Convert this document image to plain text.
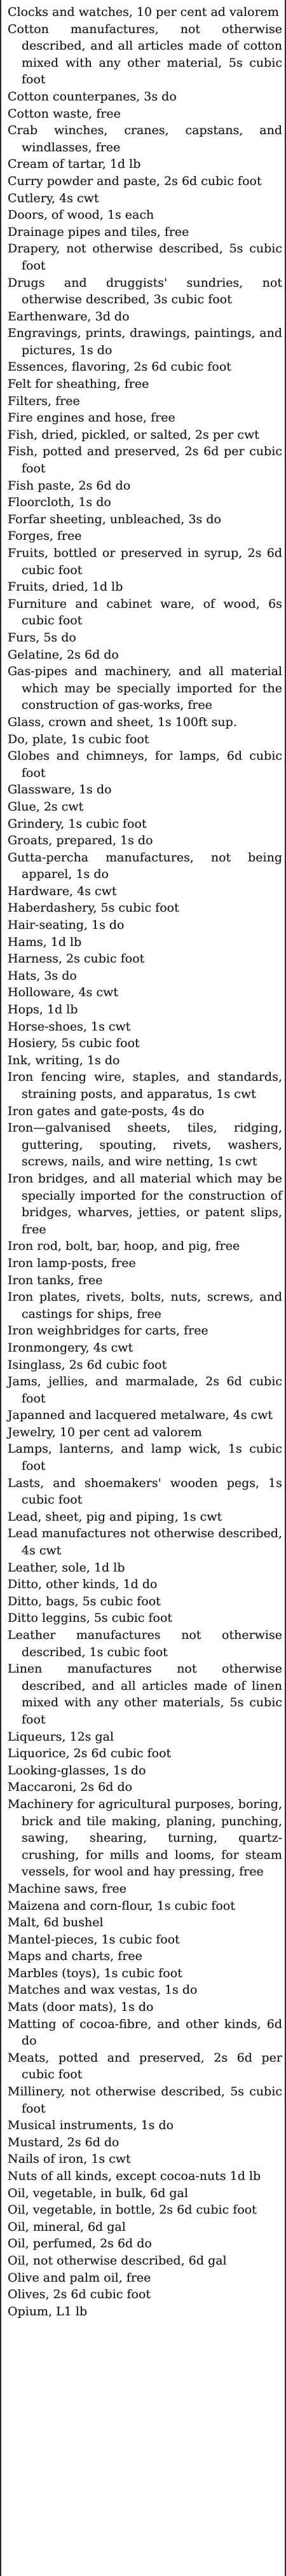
Clocks and watches, 10 per cent ad valorem

Cotton manufactures, not otherwise described, and all articles made of cotton mixed with any other material, 5s cubic foot

Cotton counterpanes, 3s do

Cotton waste, free

Crab winches, cranes, capstans, and windlasses, free

Cream of tartar, 1d lb

Curry powder and paste, 2s 6d cubic foot

Cutlery, 4s cwt

Doors, of wood, 1s each

Drainage pipes and tiles, free

Drapery, not otherwise described, 5s cubic foot

Drugs and druggists' sundries, not otherwise described, 3s cubic foot

Earthenware, 3d do

Engravings, prints, drawings, paintings, and pictures, 1s do

Essences, flavoring, 2s 6d cubic foot

Felt for sheathing, free

Filters, free

Fire engines and hose, free

Fish, dried, pickled, or salted, 2s per cwt

Fish, potted and preserved, 2s 6d per cubic foot

Fish paste, 2s 6d do

Floorcloth, 1s do

Forfar sheeting, unbleached, 3s do

Forges, free

Fruits, bottled or preserved in syrup, 2s 6d cubic foot

Fruits, dried, 1d lb

Furniture and cabinet ware, of wood, 6s cubic foot

Furs, 5s do

Gelatine, 2s 6d do

Gas-pipes and machinery, and all material which may be specially imported for the construction of gas-works, free

Glass, crown and sheet, 1s 100ft sup.

Do, plate, 1s cubic foot

Globes and chimneys, for lamps, 6d cubic foot

Glassware, 1s do

Glue, 2s cwt

Grindery, 1s cubic foot

Groats, prepared, 1s do

Gutta-percha manufactures, not being apparel, 1s do

Hardware, 4s cwt

Haberdashery, 5s cubic foot

Hair-seating, 1s do

Hams, 1d lb

Harness, 2s cubic foot

Hats, 3s do

Holloware, 4s cwt

Hops, 1d lb

Horse-shoes, 1s cwt

Hosiery, 5s cubic foot

Ink, writing, 1s do

Iron fencing wire, staples, and standards, straining posts, and apparatus, 1s cwt

Iron gates and gate-posts, 4s do

Iron—galvanised sheets, tiles, ridging, guttering, spouting, rivets, washers, screws, nails, and wire netting, 1s cwt

Iron bridges, and all material which may be specially imported for the construction of bridges, wharves, jetties, or patent slips, free

Iron rod, bolt, bar, hoop, and pig, free

Iron lamp-posts, free

Iron tanks, free

Iron plates, rivets, bolts, nuts, screws, and castings for ships, free

Iron weighbridges for carts, free

Ironmongery, 4s cwt

Isinglass, 2s 6d cubic foot

Jams, jellies, and marmalade, 2s 6d cubic foot

Japanned and lacquered metalware, 4s cwt

Jewelry, 10 per cent ad valorem

Lamps, lanterns, and lamp wick, 1s cubic foot

Lasts, and shoemakers' wooden pegs, 1s cubic foot

Lead, sheet, pig and piping, 1s cwt

Lead manufactures not otherwise described, 4s cwt

Leather, sole, 1d lb

Ditto, other kinds, 1d do

Ditto, bags, 5s cubic foot

Ditto leggins, 5s cubic foot

Leather manufactures not otherwise described, 1s cubic foot

Linen manufactures not otherwise described, and all articles made of linen mixed with any other materials, 5s cubic foot

Liqueurs, 12s gal

Liquorice, 2s 6d cubic foot

Looking-glasses, 1s do

Maccaroni, 2s 6d do

Machinery for agricultural purposes, boring, brick and tile making, planing, punching, sawing, shearing, turning, quartz-crushing, for mills and looms, for steam vessels, for wool and hay pressing, free

Machine saws, free

Maizena and corn-flour, 1s cubic foot

Malt, 6d bushel

Mantel-pieces, 1s cubic foot

Maps and charts, free

Marbles (toys), 1s cubic foot

Matches and wax vestas, 1s do

Mats (door mats), 1s do

Matting of cocoa-fibre, and other kinds, 6d do

Meats, potted and preserved, 2s 6d per cubic foot

Millinery, not otherwise described, 5s cubic foot

Musical instruments, 1s do

Mustard, 2s 6d do

Nails of iron, 1s cwt

Nuts of all kinds, except cocoa-nuts 1d lb

Oil, vegetable, in bulk, 6d gal

Oil, vegetable, in bottle, 2s 6d cubic foot

Oil, mineral, 6d gal

Oil, perfumed, 2s 6d do

Oil, not otherwise described, 6d gal

Olive and palm oil, free

Olives, 2s 6d cubic foot

Opium, L1 lb
